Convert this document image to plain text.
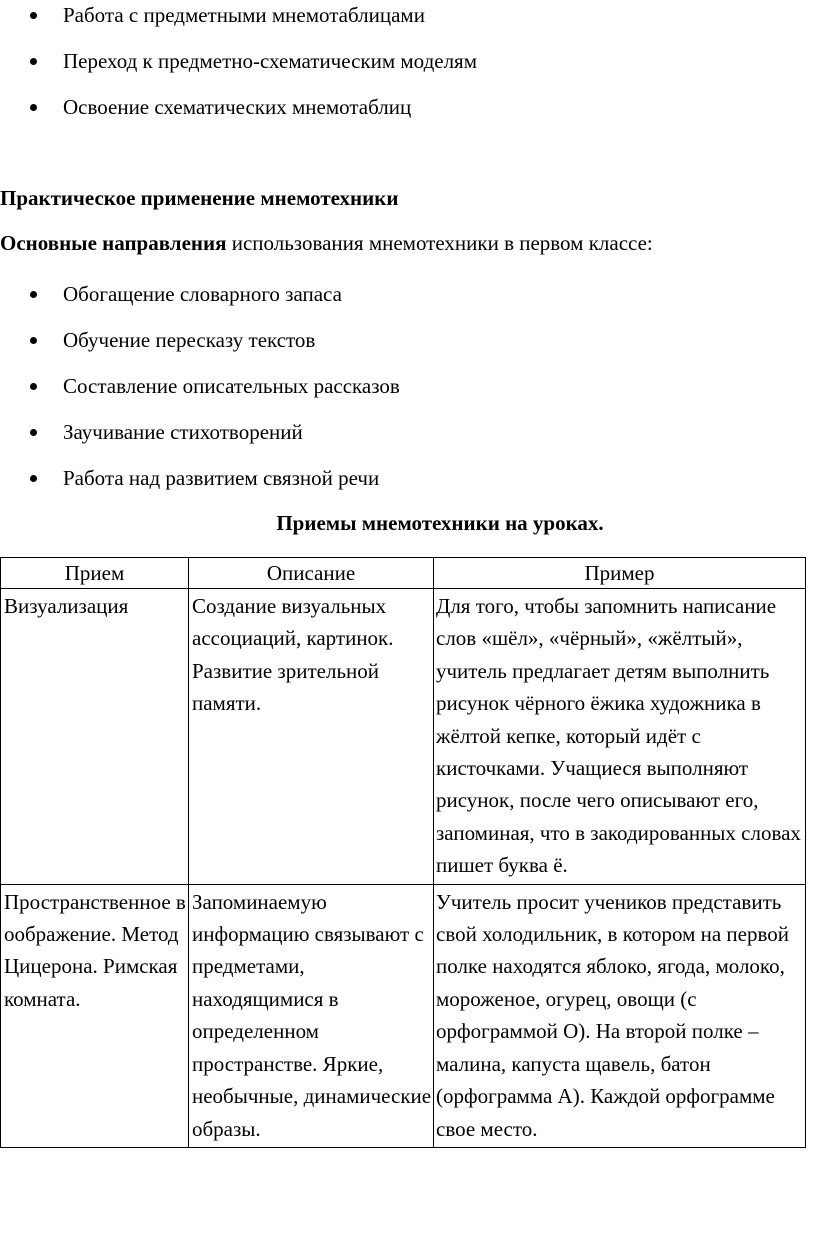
Работа с предметными мнемотаблицами
Переход к предметно-схематическим моделям
Освоение схематических мнемотаблиц
Практическое применение мнемотехники
Основные направления использования мнемотехники в первом классе:
Обогащение словарного запаса
Обучение пересказу текстов
Составление описательных рассказов
Заучивание стихотворений
Работа над развитием связной речи
Приемы мнемотехники на уроках.
Прием	Описание	Пример
Визуализация	Создание визуальных ассоциаций, картинок. Развитие зрительной памяти.	Для того, чтобы запомнить написание слов «шёл», «чёрный», «жёлтый», учитель предлагает детям выполнить рисунок чёрного ёжика художника в жёлтой кепке, который идёт с кисточками. Учащиеся выполняют рисунок, после чего описывают его, запоминая, что в закодированных словах пишет буква ё.
Пространственное воображение. Метод Цицерона. Римская комната.	Запоминаемую информацию связывают с предметами, находящимися в определенном пространстве. Яркие, необычные, динамические образы.	Учитель просит учеников представить свой холодильник, в котором на первой полке находятся яблоко, ягода, молоко, мороженое, огурец, овощи (с орфограммой О). На второй полке – малина, капуста щавель, батон (орфограмма А). Каждой орфограмме свое место.
